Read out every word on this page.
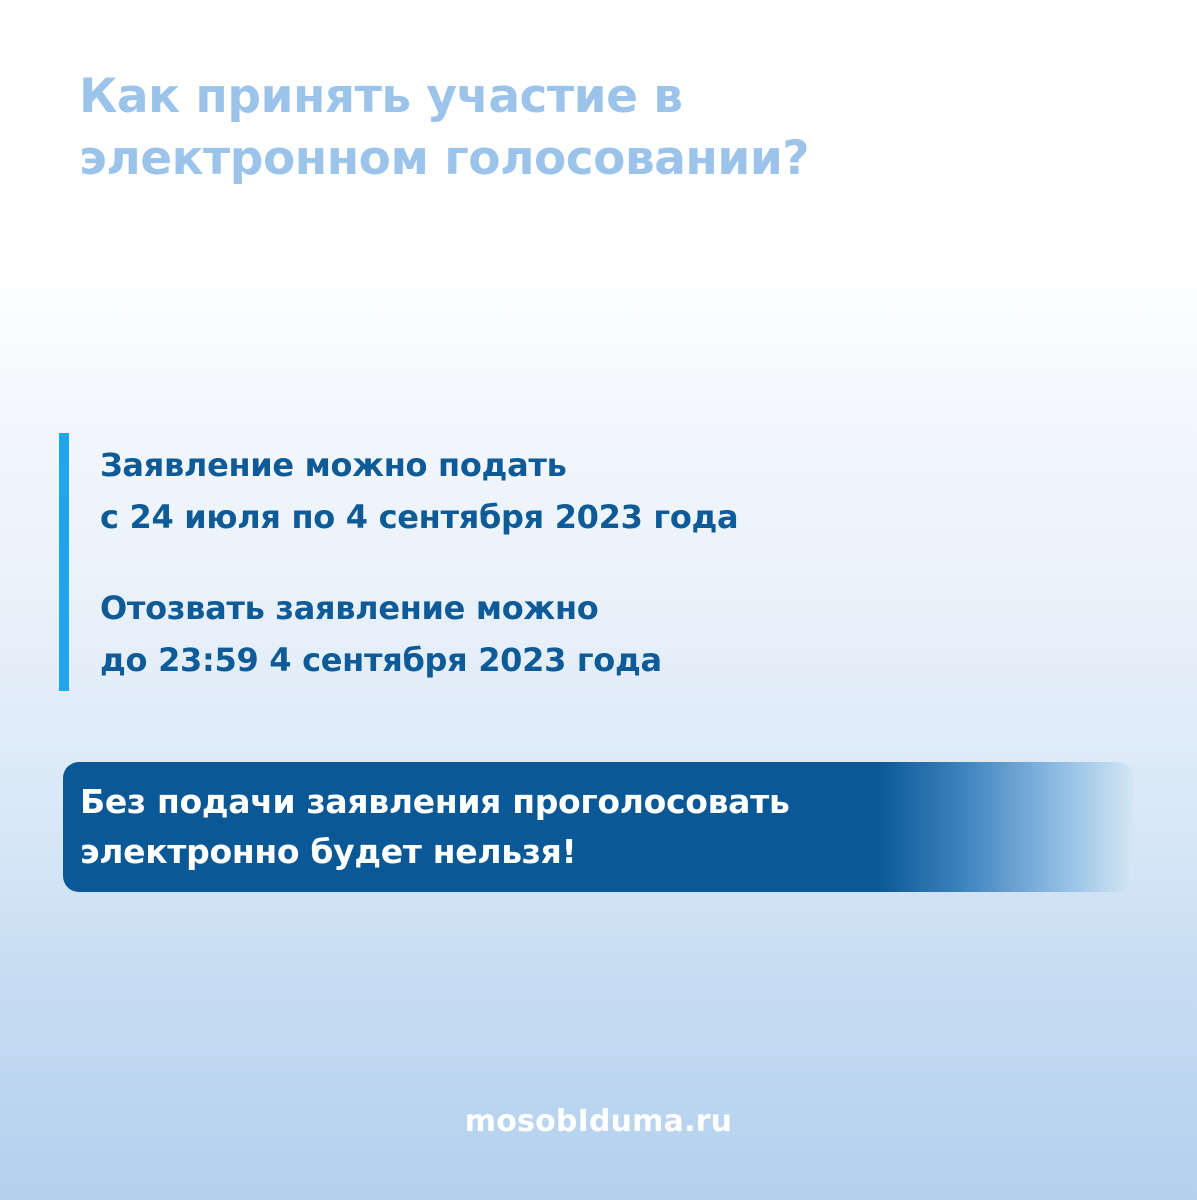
Как принять участие в
электронном голосовании?
Заявление можно подать
с 24 июля по 4 сентября 2023 года
Отозвать заявление можно
до 23:59 4 сентября 2023 года
Без подачи заявления проголосовать
электронно будет нельзя!
mosobIduma.ru
